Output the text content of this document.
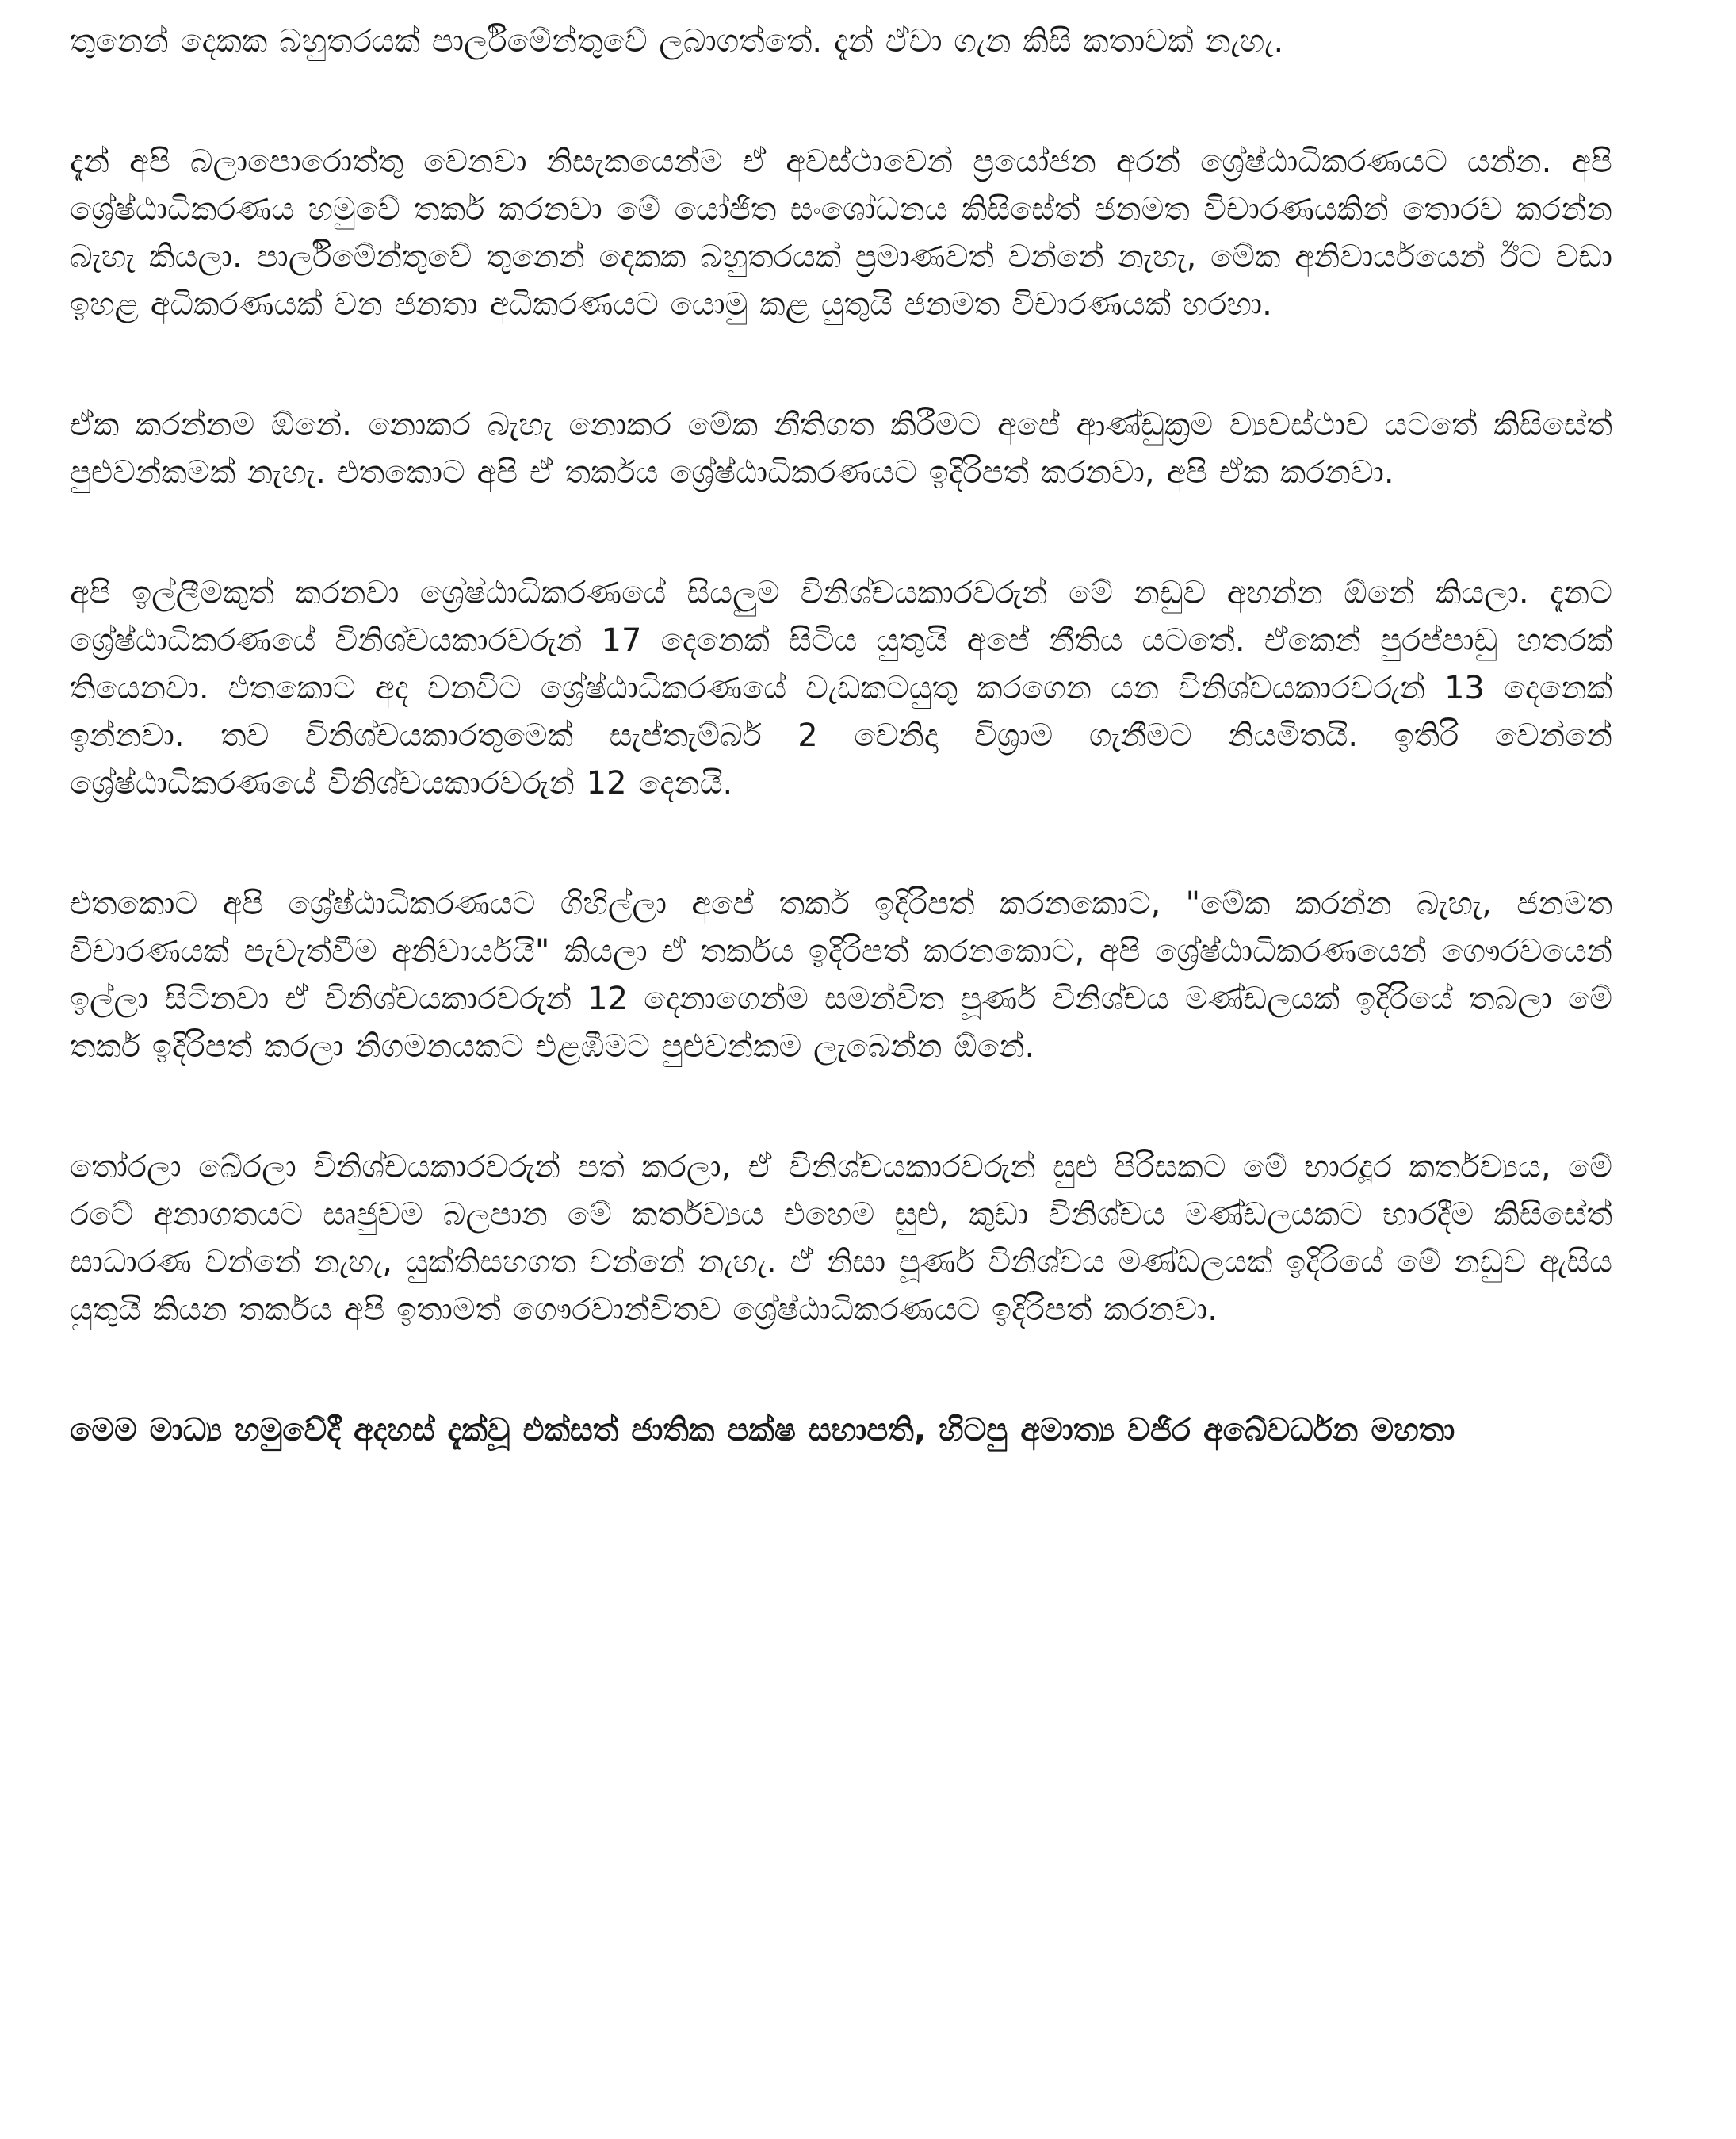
තුනෙන් දෙකක බහුතරයක් පාර්ලිමේන්තුවේ ලබාගත්තේ. දැන් ඒවා ගැන කිසි කතාවක් නැහැ.

දැන් අපි බලාපොරොත්තු වෙනවා නිසැකයෙන්ම ඒ අවස්ථාවෙන් ප්‍රයෝජන අරන් ශ්‍රේෂ්ඨාධිකරණයට යන්න. අපි ශ්‍රේෂ්ඨාධිකරණය හමුවේ තර්ක කරනවා මේ යෝජිත සංශෝධනය කිසිසේත් ජනමත විචාරණයකින් තොරව කරන්න බැහැ කියලා. පාර්ලිමේන්තුවේ තුනෙන් දෙකක බහුතරයක් ප්‍රමාණවත් වන්නේ නැහැ, මේක අනිවාර්යයෙන් ඊට වඩා ඉහළ අධිකරණයක් වන ජනතා අධිකරණයට යොමු කළ යුතුයි ජනමත විචාරණයක් හරහා.

ඒක කරන්නම ඕනේ. නොකර බැහැ නොකර මේක නීතිගත කිරීමට අපේ ආණ්ඩුක්‍රම ව්‍යවස්ථාව යටතේ කිසිසේත් පුළුවන්කමක් නැහැ. එතකොට අපි ඒ තර්කය ශ්‍රේෂ්ඨාධිකරණයට ඉදිරිපත් කරනවා, අපි ඒක කරනවා.

අපි ඉල්ලීමකුත් කරනවා ශ්‍රේෂ්ඨාධිකරණයේ සියලුම විනිශ්චයකාරවරුන් මේ නඩුව අහන්න ඕනේ කියලා. දැනට ශ්‍රේෂ්ඨාධිකරණයේ විනිශ්චයකාරවරුන් 17 දෙනෙක් සිටිය යුතුයි අපේ නීතිය යටතේ. ඒකෙන් පුරප්පාඩු හතරක් තියෙනවා. එතකොට අද වනවිට ශ්‍රේෂ්ඨාධිකරණයේ වැඩකටයුතු කරගෙන යන විනිශ්චයකාරවරුන් 13 දෙනෙක් ඉන්නවා. තව විනිශ්චයකාරතුමෙක් සැප්තැම්බර් 2 වෙනිදා විශ්‍රාම ගැනීමට නියමිතයි. ඉතිරි වෙන්නේ ශ්‍රේෂ්ඨාධිකරණයේ විනිශ්චයකාරවරුන් 12 දෙනයි.

එතකොට අපි ශ්‍රේෂ්ඨාධිකරණයට ගිහිල්ලා අපේ තර්ක ඉදිරිපත් කරනකොට, "මේක කරන්න බැහැ, ජනමත විචාරණයක් පැවැත්වීම අනිවාර්යයි" කියලා ඒ තර්කය ඉදිරිපත් කරනකොට, අපි ශ්‍රේෂ්ඨාධිකරණයෙන් ගෞරවයෙන් ඉල්ලා සිටිනවා ඒ විනිශ්චයකාරවරුන් 12 දෙනාගෙන්ම සමන්විත පූර්ණ විනිශ්චය මණ්ඩලයක් ඉදිරියේ තබලා මේ තර්ක ඉදිරිපත් කරලා නිගමනයකට එළඹීමට පුළුවන්කම ලැබෙන්න ඕනේ.

තෝරලා බේරලා විනිශ්චයකාරවරුන් පත් කරලා, ඒ විනිශ්චයකාරවරුන් සුළු පිරිසකට මේ භාරදූර කර්තව්‍යය, මේ රටේ අනාගතයට සෘජුවම බලපාන මේ කර්තව්‍යය එහෙම සුළු, කුඩා විනිශ්චය මණ්ඩලයකට භාරදීම කිසිසේත් සාධාරණ වන්නේ නැහැ, යුක්තිසහගත වන්නේ නැහැ. ඒ නිසා පූර්ණ විනිශ්චය මණ්ඩලයක් ඉදිරියේ මේ නඩුව ඇසිය යුතුයි කියන තර්කය අපි ඉතාමත් ගෞරවාන්විතව ශ්‍රේෂ්ඨාධිකරණයට ඉදිරිපත් කරනවා.

මෙම මාධ්‍ය හමුවේදී අදහස් දැක්වූ එක්සත් ජාතික පක්ෂ සභාපති, හිටපු අමාත්‍ය වජිර අබේවර්ධන මහතා
